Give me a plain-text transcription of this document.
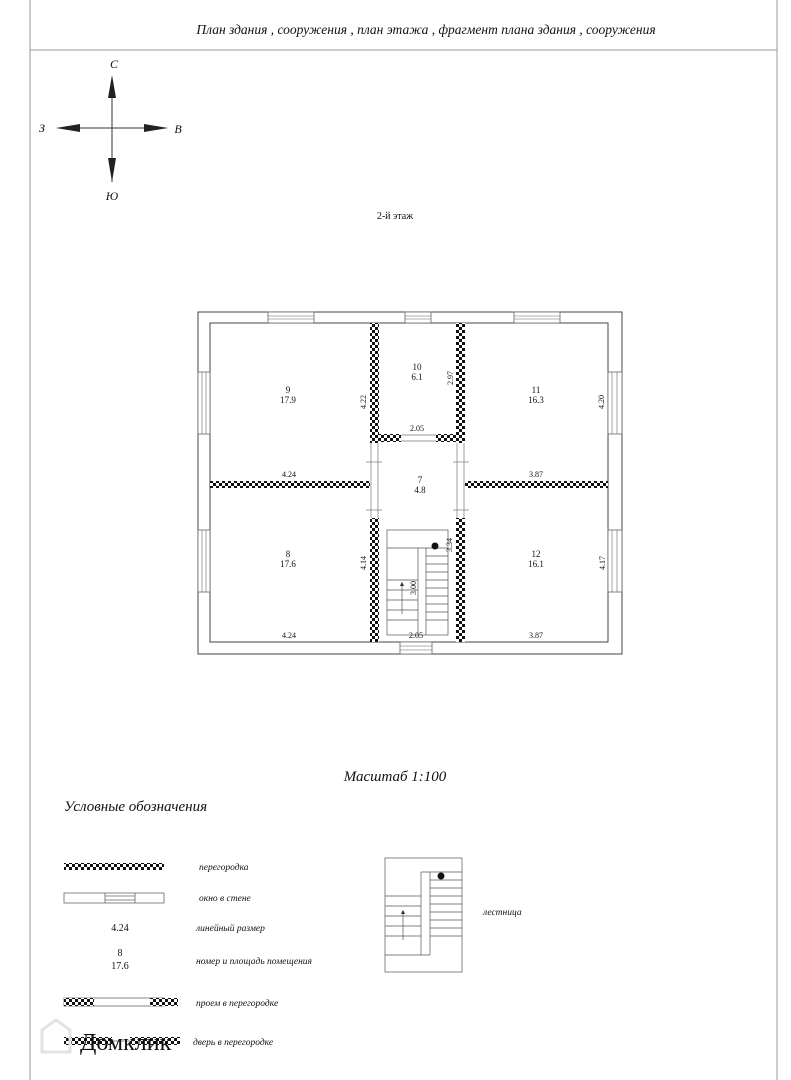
План здания , сооружения , план этажа , фрагмент плана здания , сооружения
С
Ю
З	В
2-й этаж
9
17.9
10
6.1
11
16.3
7
4.8
8
17.6
12
16.1
4.22
2.97
4.20
2.05
4.24	3.87
3.34
4.14
3.00
4.17
4.24	2.05	3.87
Масштаб 1:100
Условные обозначения
перегородка
окно в стене
4.24	линейный размер
8
17.6	номер и площадь помещения
проем в перегородке
дверь в перегородке
лестница
Домклик
